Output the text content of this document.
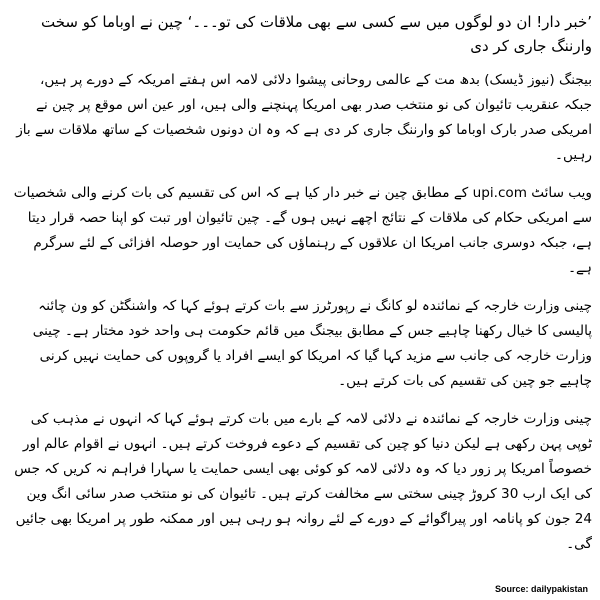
’خبر دار! ان دو لوگوں میں سے کسی سے بھی ملاقات کی تو۔۔۔‘ چین نے اوباما کو سخت وارننگ جاری کر دی

بیجنگ (نیوز ڈیسک) بدھ مت کے عالمی روحانی پیشوا دلائی لامہ اس ہفتے امریکہ کے دورے پر ہیں، جبکہ عنقریب تائیوان کی نو منتخب صدر بھی امریکا پہنچنے والی ہیں، اور عین اس موقع پر چین نے امریکی صدر بارک اوباما کو وارننگ جاری کر دی ہے کہ وہ ان دونوں شخصیات کے ساتھ ملاقات سے باز رہیں۔

ویب سائٹ upi.com کے مطابق چین نے خبر دار کیا ہے کہ اس کی تقسیم کی بات کرنے والی شخصیات سے امریکی حکام کی ملاقات کے نتائج اچھے نہیں ہوں گے۔ چین تائیوان اور تبت کو اپنا حصہ قرار دیتا ہے، جبکہ دوسری جانب امریکا ان علاقوں کے رہنماؤں کی حمایت اور حوصلہ افزائی کے لئے سرگرم ہے۔

چینی وزارت خارجہ کے نمائندہ لو کانگ نے رپورٹرز سے بات کرتے ہوئے کہا کہ واشنگٹن کو ون چائنہ پالیسی کا خیال رکھنا چاہیے جس کے مطابق بیجنگ میں قائم حکومت ہی واحد خود مختار ہے۔ چینی وزارت خارجہ کی جانب سے مزید کہا گیا کہ امریکا کو ایسے افراد یا گروپوں کی حمایت نہیں کرنی چاہیے جو چین کی تقسیم کی بات کرتے ہیں۔

چینی وزارت خارجہ کے نمائندہ نے دلائی لامہ کے بارے میں بات کرتے ہوئے کہا کہ انہوں نے مذہب کی ٹوپی پہن رکھی ہے لیکن دنیا کو چین کی تقسیم کے دعوے فروخت کرتے ہیں۔ انہوں نے اقوام عالم اور خصوصاً امریکا پر زور دیا کہ وہ دلائی لامہ کو کوئی بھی ایسی حمایت یا سہارا فراہم نہ کریں کہ جس کی ایک ارب 30 کروڑ چینی سختی سے مخالفت کرتے ہیں۔ تائیوان کی نو منتخب صدر سائی انگ وین 24 جون کو پانامہ اور پیراگوائے کے دورے کے لئے روانہ ہو رہی ہیں اور ممکنہ طور پر امریکا بھی جائیں گی۔

Source: dailypakistan
